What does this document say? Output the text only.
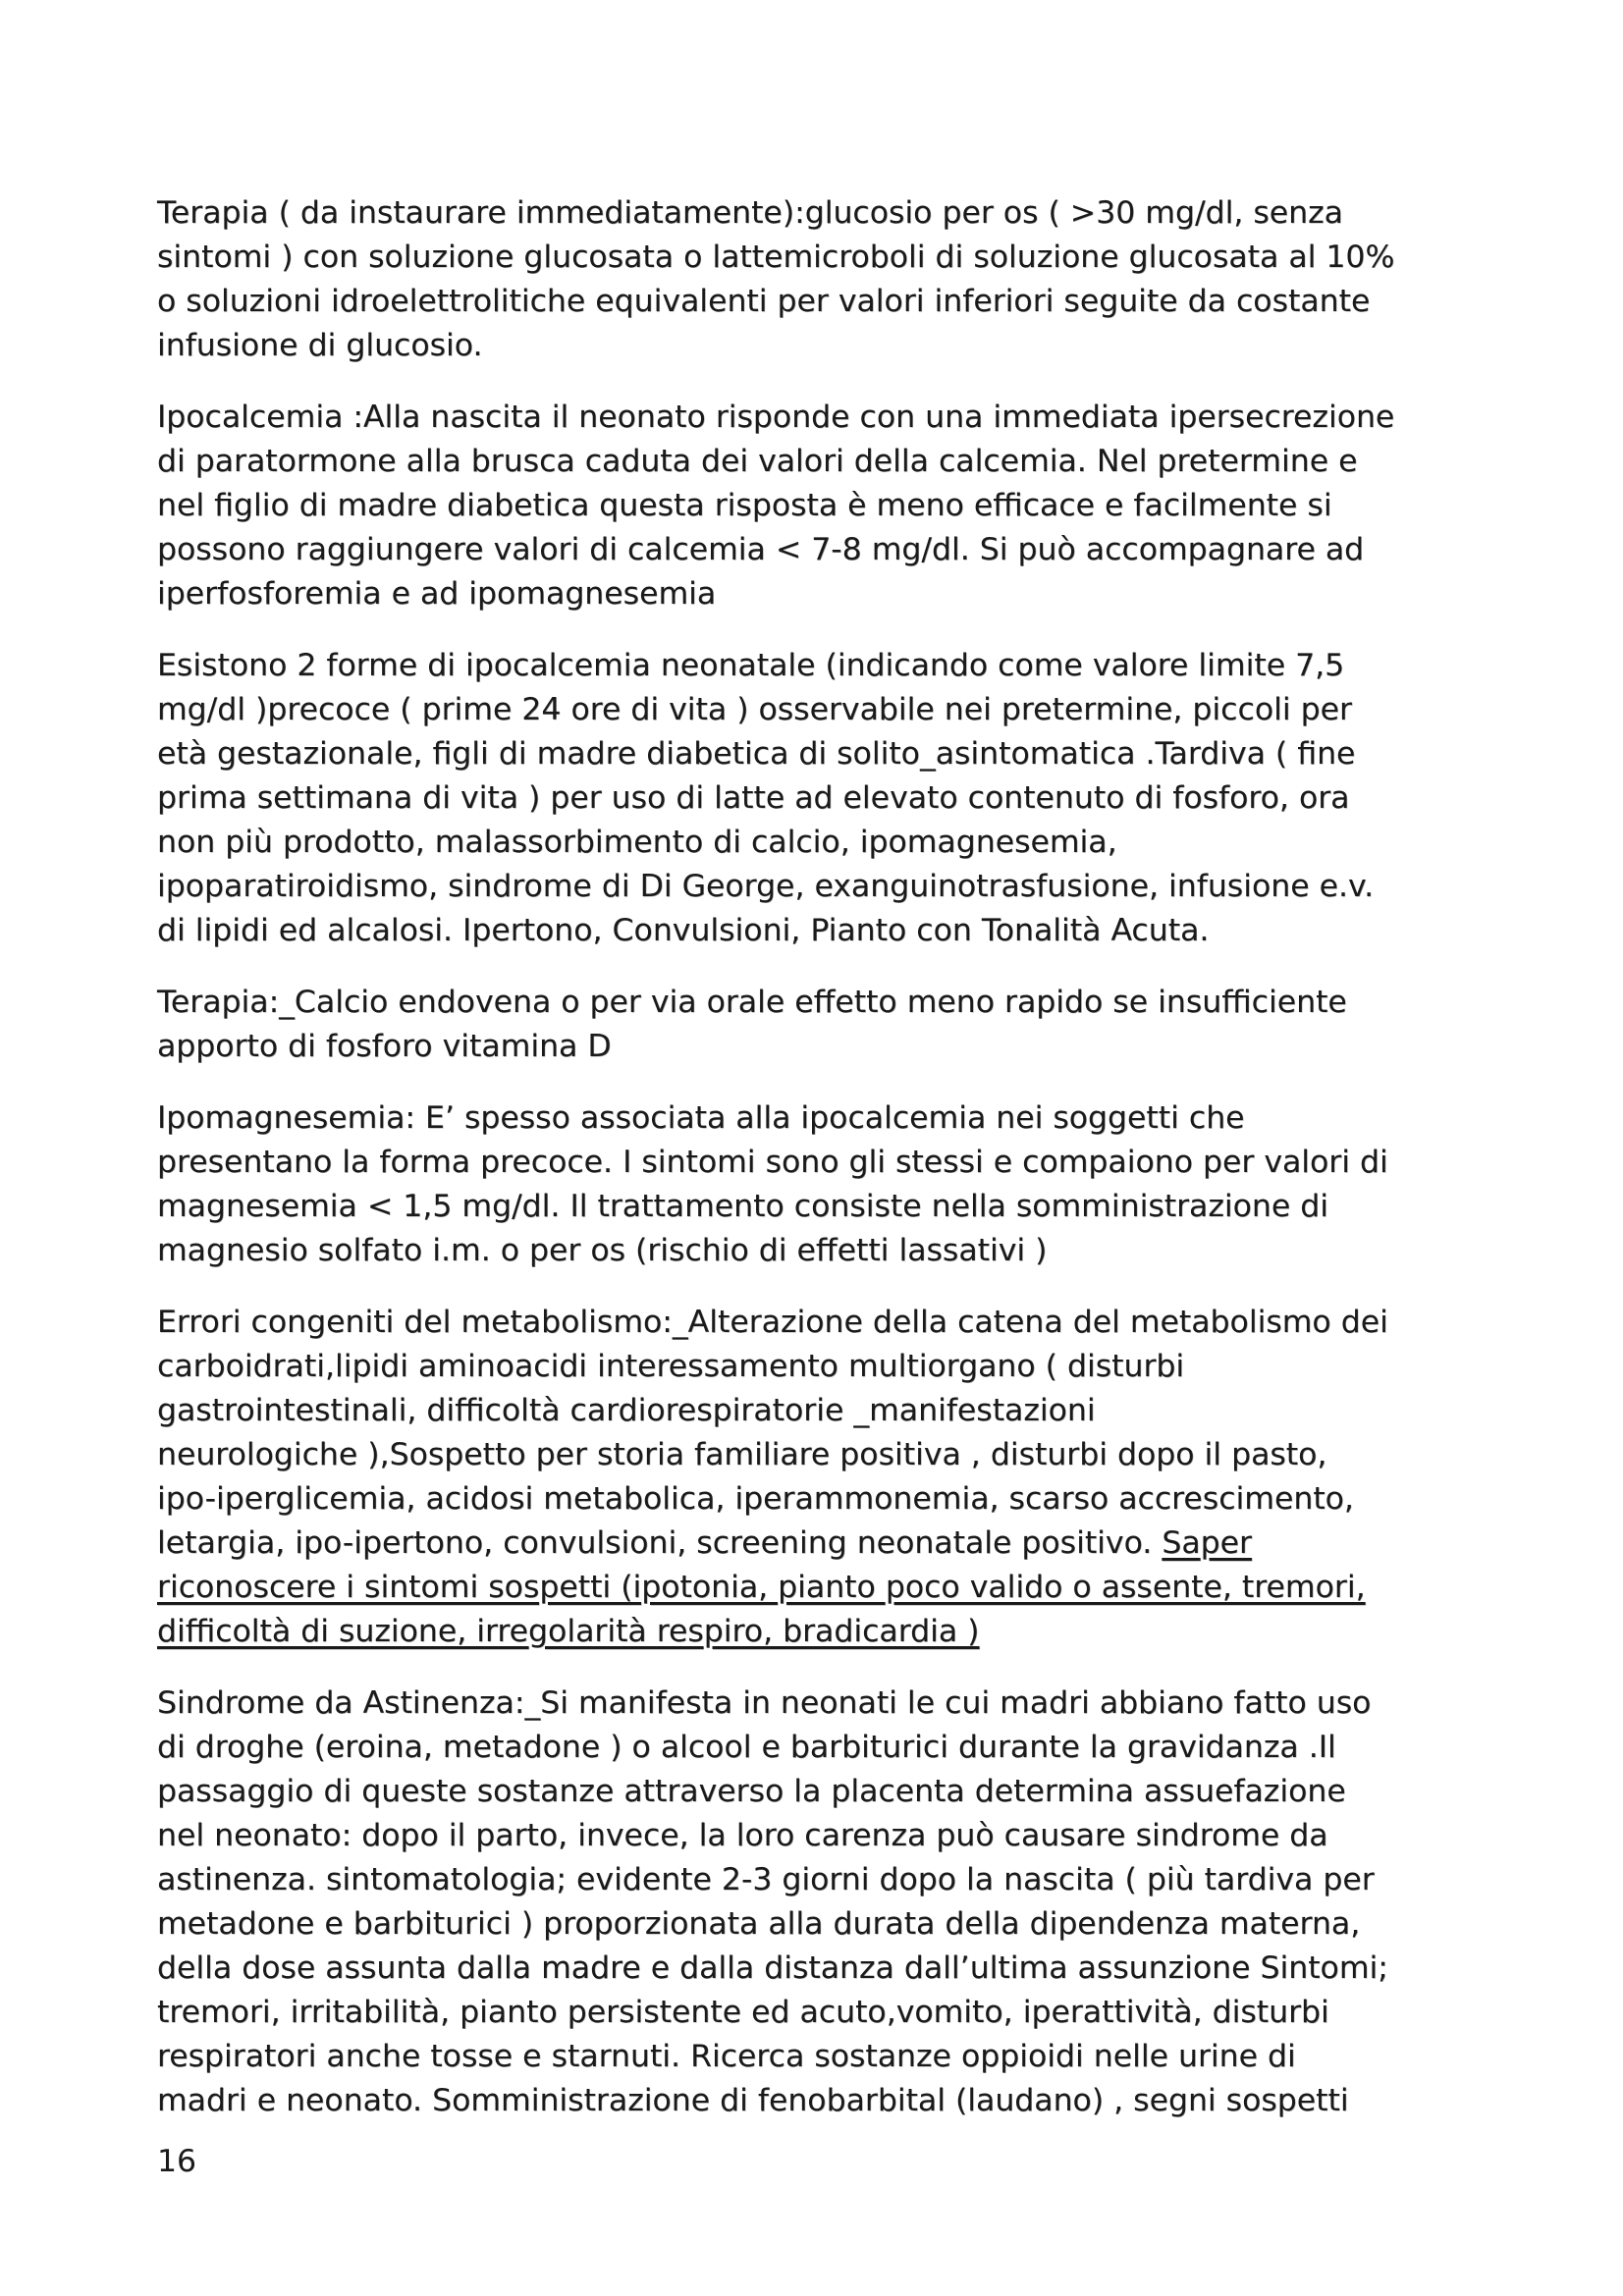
Terapia ( da instaurare immediatamente):glucosio per os ( >30 mg/dl, senza
sintomi ) con soluzione glucosata o lattemicroboli di soluzione glucosata al 10%
o soluzioni idroelettrolitiche equivalenti per valori inferiori seguite da costante
infusione di glucosio.

Ipocalcemia :Alla nascita il neonato risponde con una immediata ipersecrezione
di paratormone alla brusca caduta dei valori della calcemia. Nel pretermine e
nel figlio di madre diabetica questa risposta è meno efficace e facilmente si
possono raggiungere valori di calcemia < 7-8 mg/dl. Si può accompagnare ad
iperfosforemia e ad ipomagnesemia

Esistono 2 forme di ipocalcemia neonatale (indicando come valore limite 7,5
mg/dl )precoce ( prime 24 ore di vita ) osservabile nei pretermine, piccoli per
età gestazionale, figli di madre diabetica di solito_asintomatica .Tardiva ( fine
prima settimana di vita ) per uso di latte ad elevato contenuto di fosforo, ora
non più prodotto, malassorbimento di calcio, ipomagnesemia,
ipoparatiroidismo, sindrome di Di George, exanguinotrasfusione, infusione e.v.
di lipidi ed alcalosi. Ipertono, Convulsioni, Pianto con Tonalità Acuta.

Terapia:_Calcio endovena o per via orale effetto meno rapido se insufficiente
apporto di fosforo vitamina D

Ipomagnesemia: E’ spesso associata alla ipocalcemia nei soggetti che
presentano la forma precoce. I sintomi sono gli stessi e compaiono per valori di
magnesemia < 1,5 mg/dl. Il trattamento consiste nella somministrazione di
magnesio solfato i.m. o per os (rischio di effetti lassativi )

Errori congeniti del metabolismo:_Alterazione della catena del metabolismo dei
carboidrati,lipidi aminoacidi interessamento multiorgano ( disturbi
gastrointestinali, difficoltà cardiorespiratorie _manifestazioni
neurologiche ),Sospetto per storia familiare positiva , disturbi dopo il pasto,
ipo-iperglicemia, acidosi metabolica, iperammonemia, scarso accrescimento,
letargia, ipo-ipertono, convulsioni, screening neonatale positivo. Saper
riconoscere i sintomi sospetti (ipotonia, pianto poco valido o assente, tremori,
difficoltà di suzione, irregolarità respiro, bradicardia )

Sindrome da Astinenza:_Si manifesta in neonati le cui madri abbiano fatto uso
di droghe (eroina, metadone ) o alcool e barbiturici durante la gravidanza .Il
passaggio di queste sostanze attraverso la placenta determina assuefazione
nel neonato: dopo il parto, invece, la loro carenza può causare sindrome da
astinenza. sintomatologia; evidente 2-3 giorni dopo la nascita ( più tardiva per
metadone e barbiturici ) proporzionata alla durata della dipendenza materna,
della dose assunta dalla madre e dalla distanza dall’ultima assunzione Sintomi;
tremori, irritabilità, pianto persistente ed acuto,vomito, iperattività, disturbi
respiratori anche tosse e starnuti. Ricerca sostanze oppioidi nelle urine di
madri e neonato. Somministrazione di fenobarbital (laudano) , segni sospetti

16
